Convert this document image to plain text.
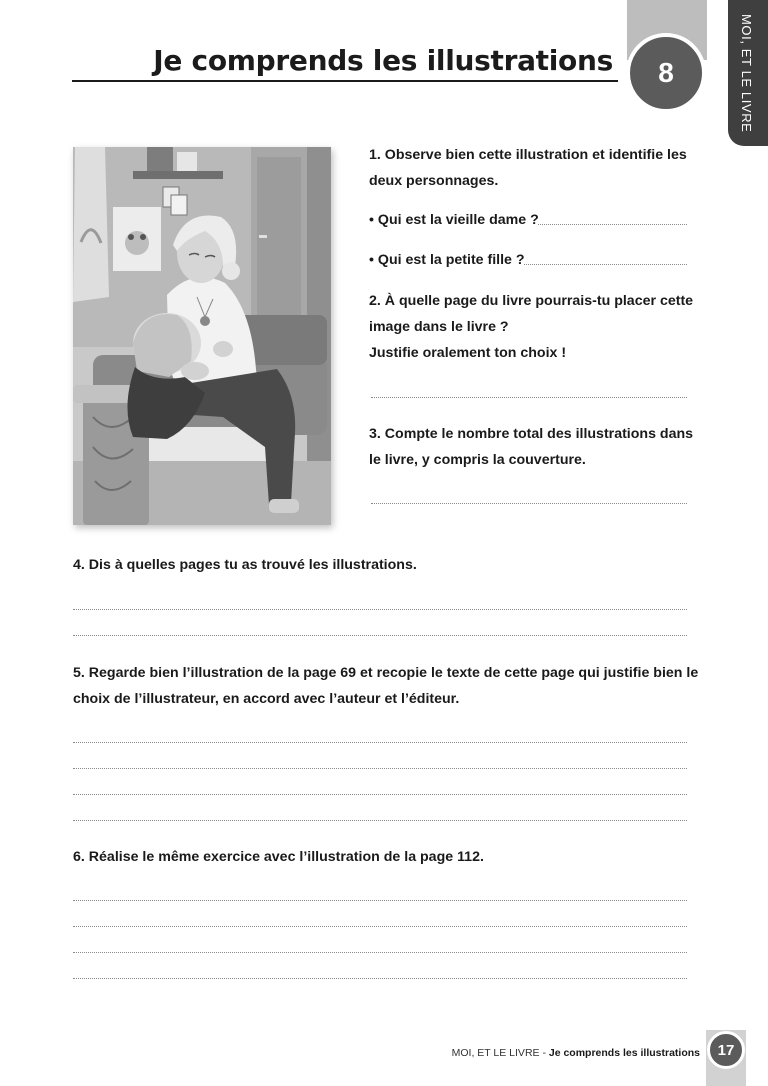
Je comprends les illustrations	8	MOI, ET LE LIVRE

1. Observe bien cette illustration et identifie les deux personnages.

• Qui est la vieille dame ?

• Qui est la petite fille ?

2. À quelle page du livre pourrais-tu placer cette image dans le livre ?
Justifie oralement ton choix !

3. Compte le nombre total des illustrations dans le livre, y compris la couverture.

4. Dis à quelles pages tu as trouvé les illustrations.

5. Regarde bien l’illustration de la page 69 et recopie le texte de cette page qui justifie bien le choix de l’illustrateur, en accord avec l’auteur et l’éditeur.

6. Réalise le même exercice avec l’illustration de la page 112.

MOI, ET LE LIVRE - Je comprends les illustrations	17
